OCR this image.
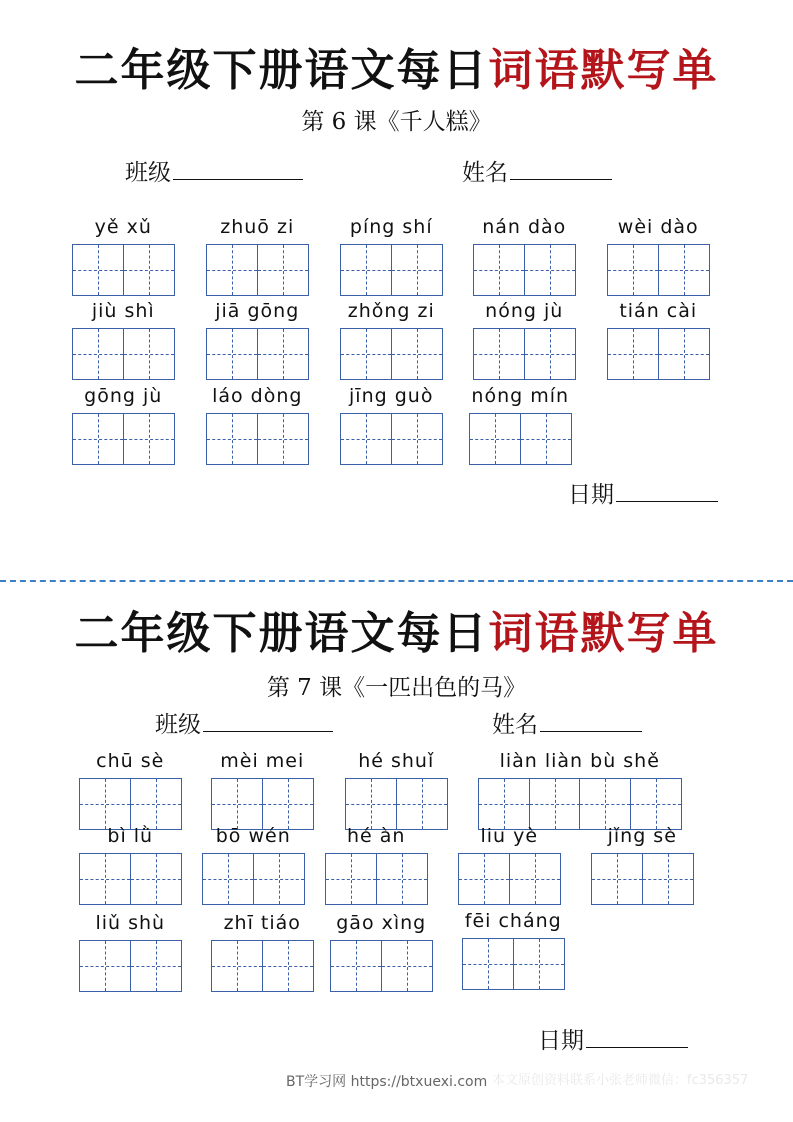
二年级下册语文每日词语默写单
第 6 课《千人糕》
班级	姓名
yě xǔ	zhuō zi	píng shí	nán dào	wèi dào
jiù shì	jiā gōng	zhǒng zi	nóng jù	tián cài
gōng jù	láo dòng	jīng guò	nóng mín
日期
二年级下册语文每日词语默写单
第 7 课《一匹出色的马》
班级	姓名
chū sè	mèi mei	hé shuǐ	liàn liàn bù shě
bì lǜ	bō wén	hé àn	liu yè	jǐng sè
liǔ shù	zhī tiáo	gāo xìng	fēi cháng
日期
BT学习网 https://btxuexi.com 本文原创资料联系小张老师微信：fc356357
